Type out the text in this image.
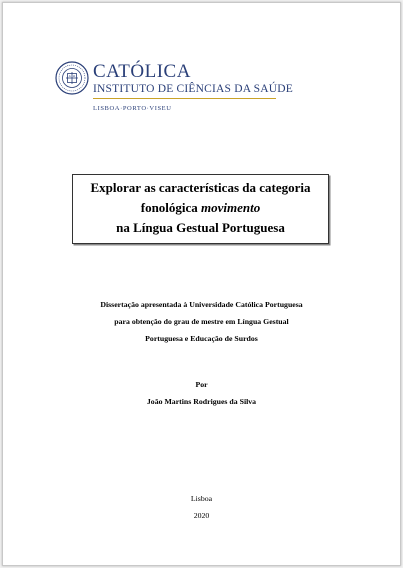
A Ω CATÓLICA
INSTITUTO DE CIÊNCIAS DA SAÚDE
LISBOA·PORTO·VISEU
Explorar as características da categoria
fonológica movimento
na Língua Gestual Portuguesa
Dissertação apresentada à Universidade Católica Portuguesa
para obtenção do grau de mestre em Língua Gestual
Portuguesa e Educação de Surdos
Por
João Martins Rodrigues da Silva
Lisboa
2020
